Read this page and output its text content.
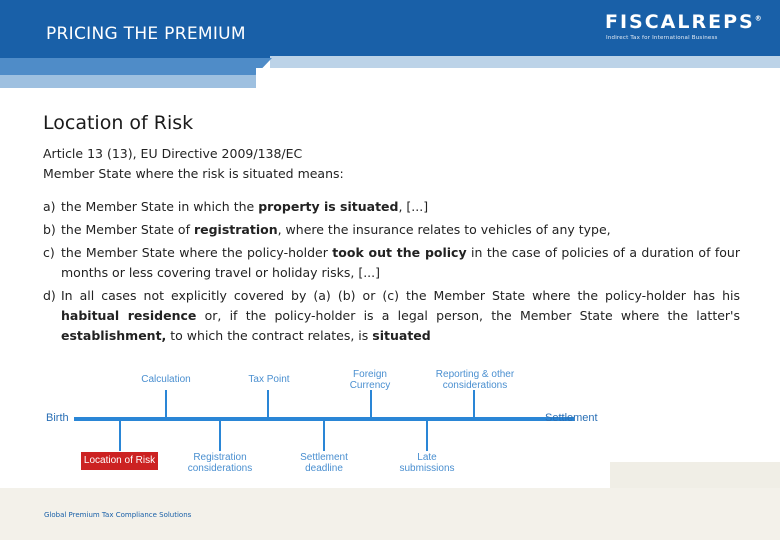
PRICING THE PREMIUM
FISCALREPS®
Indirect Tax for International Business
Location of Risk
Article 13 (13), EU Directive 2009/138/EC
Member State where the risk is situated means:
a) the Member State in which the property is situated, [...]
b) the Member State of registration, where the insurance relates to vehicles of any type,
c) the Member State where the policy-holder took out the policy in the case of policies of a duration of four months or less covering travel or holiday risks, [...]
d) In all cases not explicitly covered by (a) (b) or (c) the Member State where the policy-holder has his habitual residence or, if the policy-holder is a legal person, the Member State where the latter's establishment, to which the contract relates, is situated
Birth	Settlement
Calculation	Tax Point	Foreign
Currency
Reporting & other
considerations
Location of Risk	Registration
considerations
Settlement
deadline
Late
submissions
Global Premium Tax Compliance Solutions
